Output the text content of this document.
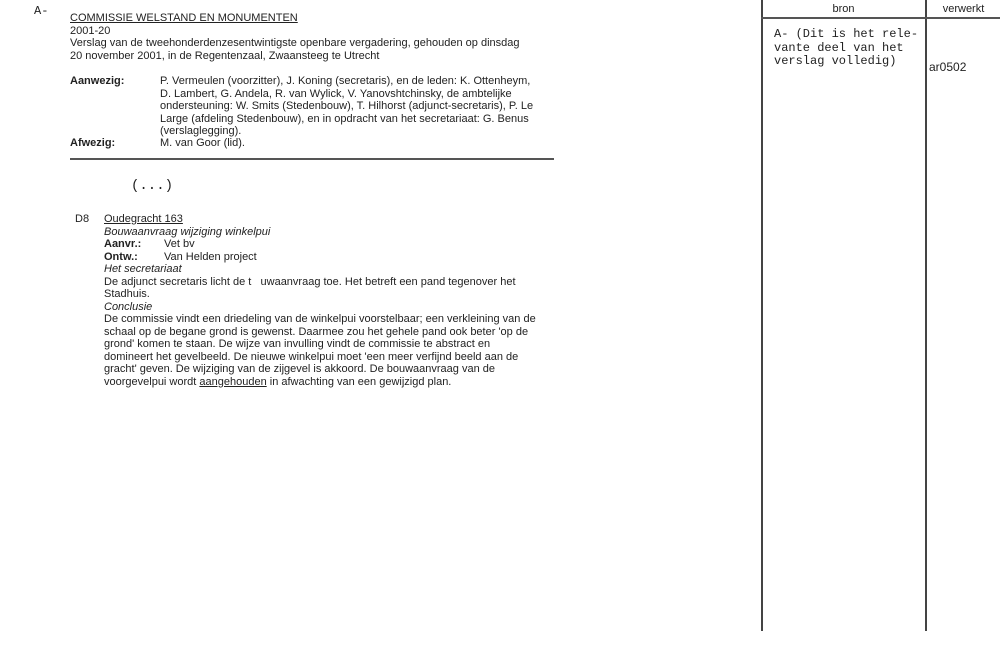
A- COMMISSIE WELSTAND EN MONUMENTEN
2001-20
Verslag van de tweehonderdenzesentwintigste openbare vergadering, gehouden op dinsdag
20 november 2001, in de Regentenzaal, Zwaansteeg te Utrecht
Aanwezig:	P. Vermeulen (voorzitter), J. Koning (secretaris), en de leden: K. Ottenheym,
D. Lambert, G. Andela, R. van Wylick, V. Yanovshtchinsky, de ambtelijke
ondersteuning: W. Smits (Stedenbouw), T. Hilhorst (adjunct-secretaris), P. Le
Large (afdeling Stedenbouw), en in opdracht van het secretariaat: G. Benus
(verslaglegging).
Afwezig:	M. van Goor (lid).
(...)
D8 Oudegracht 163
Bouwaanvraag wijziging winkelpui
Aanvr.: Vet bv
Ontw.: Van Helden project
Het secretariaat
De adjunct secretaris licht de t   uwaanvraag toe. Het betreft een pand tegenover het
Stadhuis.
Conclusie
De commissie vindt een driedeling van de winkelpui voorstelbaar; een verkleining van de
schaal op de begane grond is gewenst. Daarmee zou het gehele pand ook beter 'op de
grond' komen te staan. De wijze van invulling vindt de commissie te abstract en
domineert het gevelbeeld. De nieuwe winkelpui moet 'een meer verfijnd beeld aan de
gracht' geven. De wijziging van de zijgevel is akkoord. De bouwaanvraag van de
voorgevelpui wordt aangehouden in afwachting van een gewijzigd plan.
bron	verwerkt
A- (Dit is het rele-
vante deel van het
verslag volledig)	ar0502
